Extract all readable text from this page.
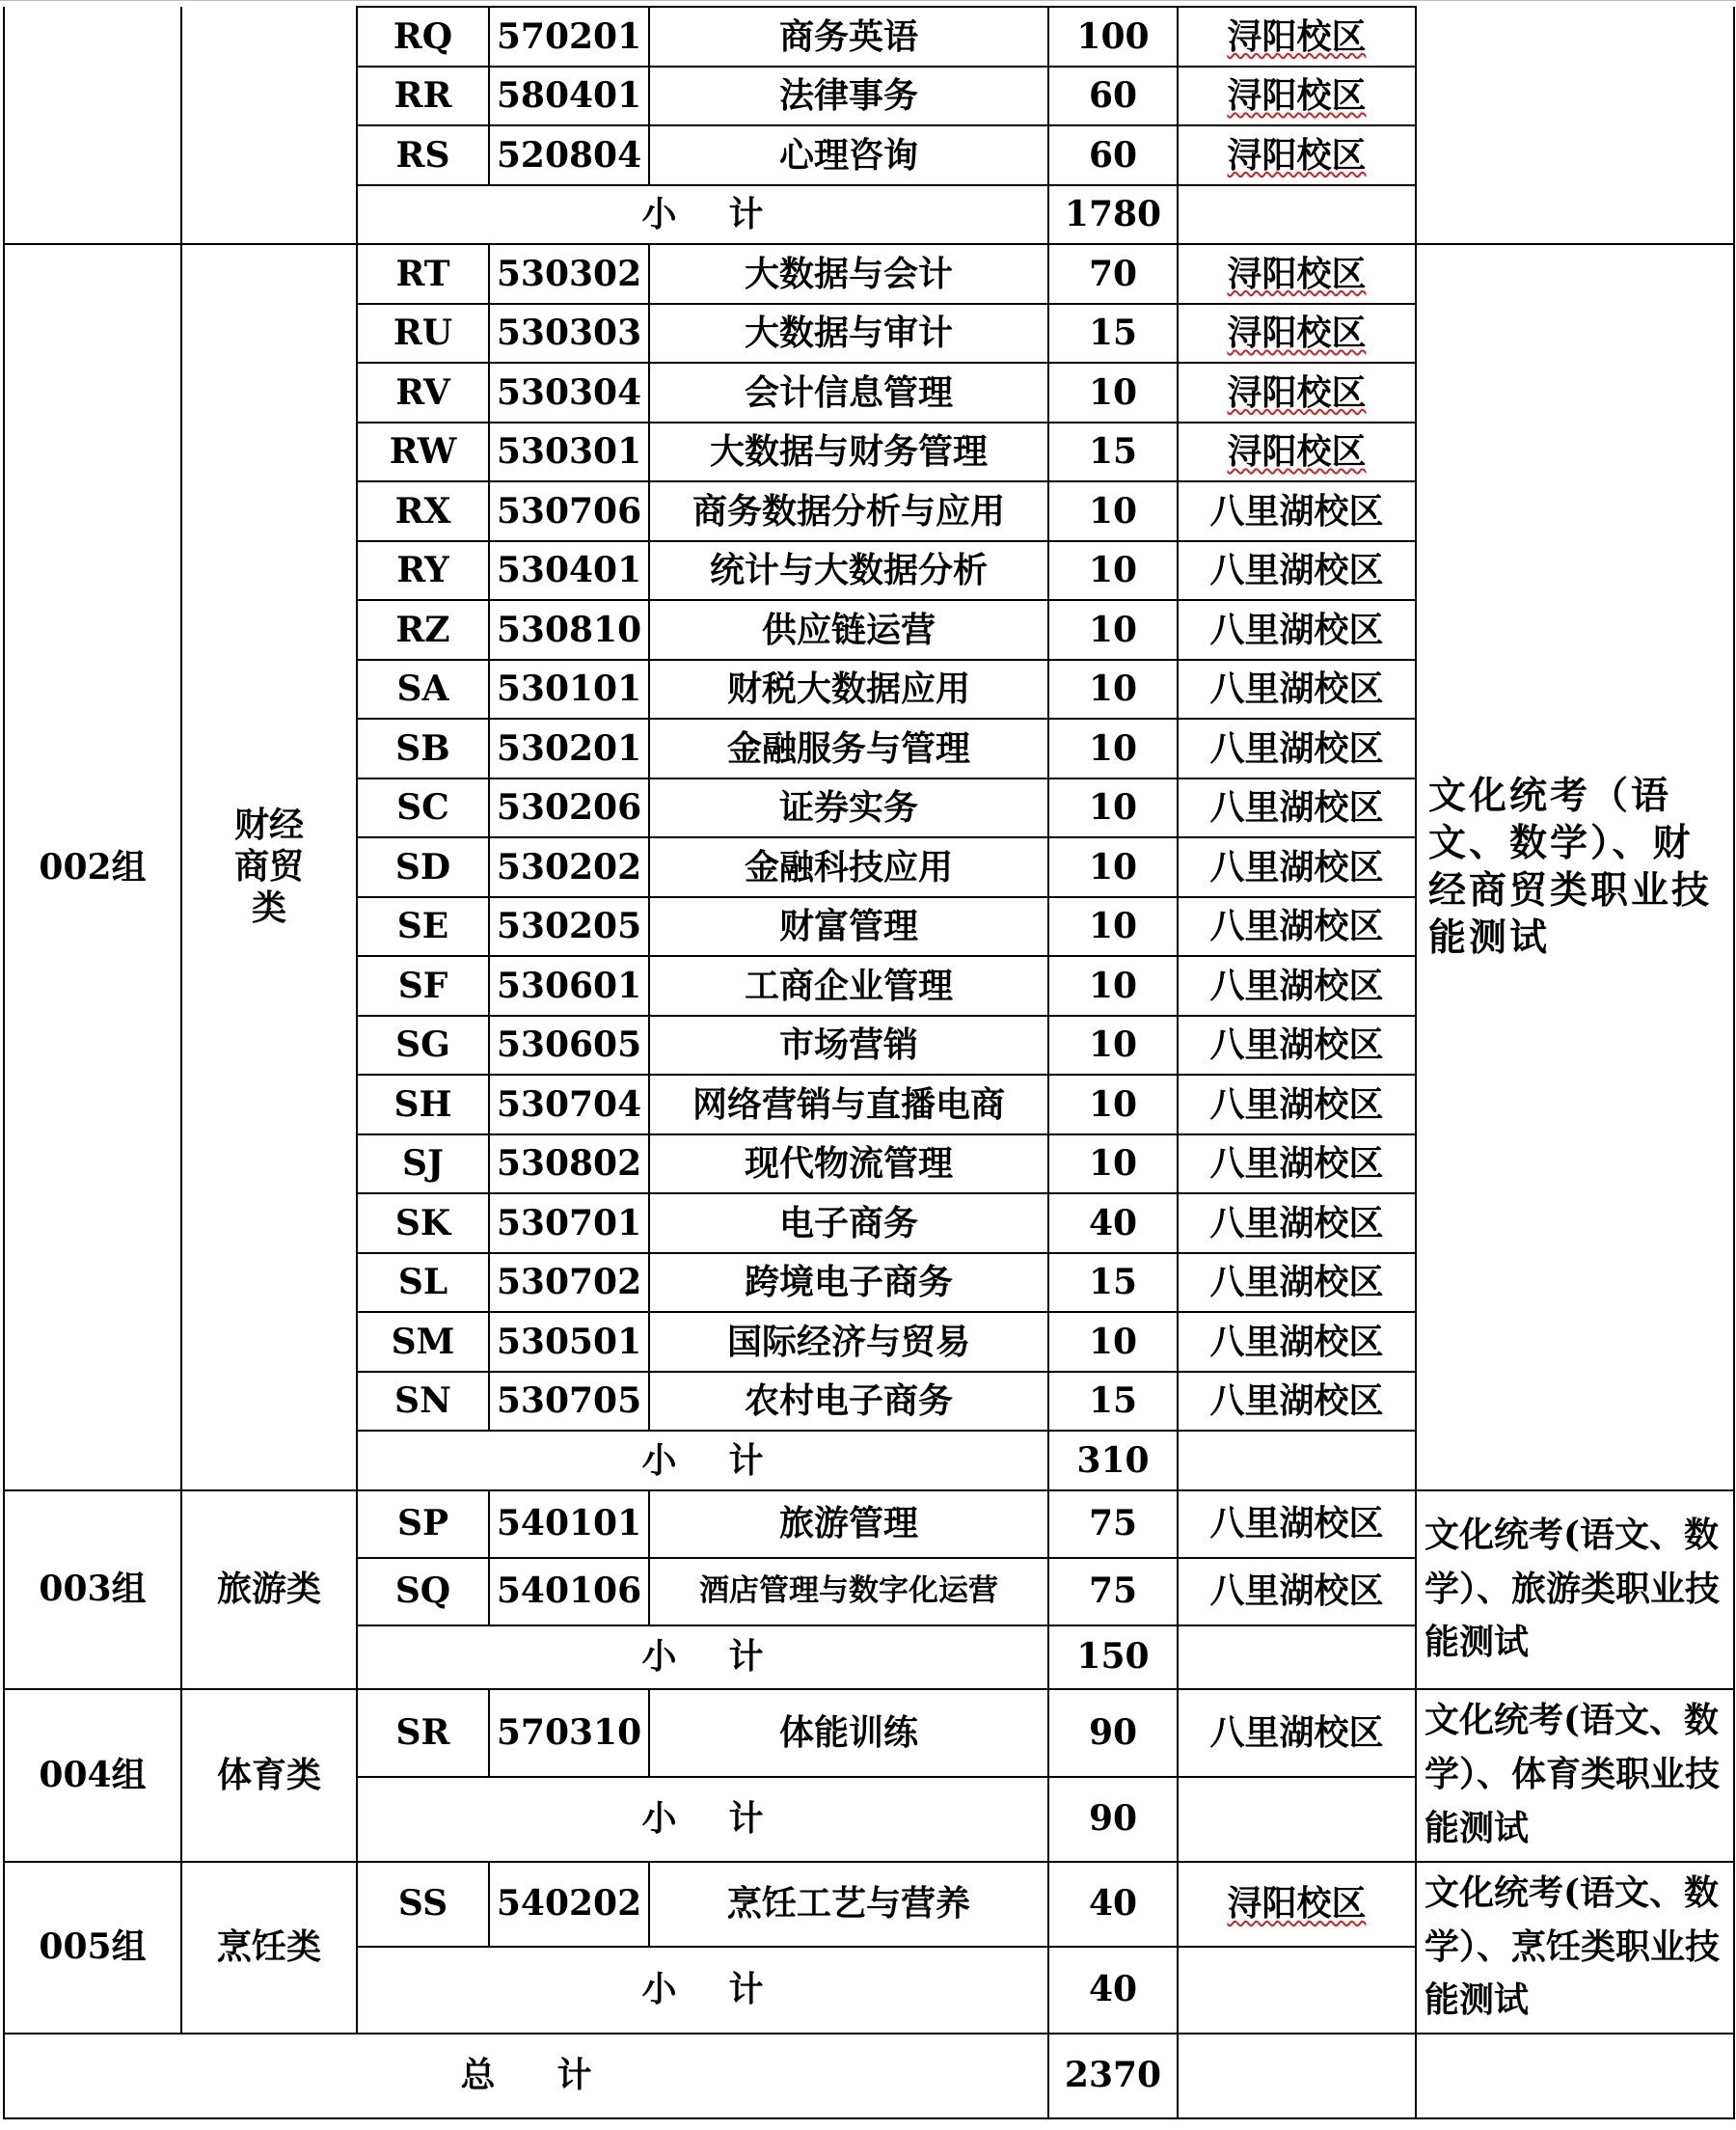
		RQ	570201	商务英语	100	浔阳校区	
		RR	580401	法律事务	60	浔阳校区	
		RS	520804	心理咨询	60	浔阳校区	
		小计			1780		
002组	财经商贸类	RT	530302	大数据与会计	70	浔阳校区	文化统考（语文、数学）、财经商贸类职业技能测试
		RU	530303	大数据与审计	15	浔阳校区	
		RV	530304	会计信息管理	10	浔阳校区	
		RW	530301	大数据与财务管理	15	浔阳校区	
		RX	530706	商务数据分析与应用	10	八里湖校区	
		RY	530401	统计与大数据分析	10	八里湖校区	
		RZ	530810	供应链运营	10	八里湖校区	
		SA	530101	财税大数据应用	10	八里湖校区	
		SB	530201	金融服务与管理	10	八里湖校区	
		SC	530206	证券实务	10	八里湖校区	
		SD	530202	金融科技应用	10	八里湖校区	
		SE	530205	财富管理	10	八里湖校区	
		SF	530601	工商企业管理	10	八里湖校区	
		SG	530605	市场营销	10	八里湖校区	
		SH	530704	网络营销与直播电商	10	八里湖校区	
		SJ	530802	现代物流管理	10	八里湖校区	
		SK	530701	电子商务	40	八里湖校区	
		SL	530702	跨境电子商务	15	八里湖校区	
		SM	530501	国际经济与贸易	10	八里湖校区	
		SN	530705	农村电子商务	15	八里湖校区	
		小计			310		
003组	旅游类	SP	540101	旅游管理	75	八里湖校区	文化统考(语文、数学）、旅游类职业技能测试
		SQ	540106	酒店管理与数字化运营	75	八里湖校区	
		小计			150		
004组	体育类	SR	570310	体能训练	90	八里湖校区	文化统考(语文、数学）、体育类职业技能测试
		小计			90		
005组	烹饪类	SS	540202	烹饪工艺与营养	40	浔阳校区	文化统考(语文、数学）、烹饪类职业技能测试
		小计			40		
总计					2370		
